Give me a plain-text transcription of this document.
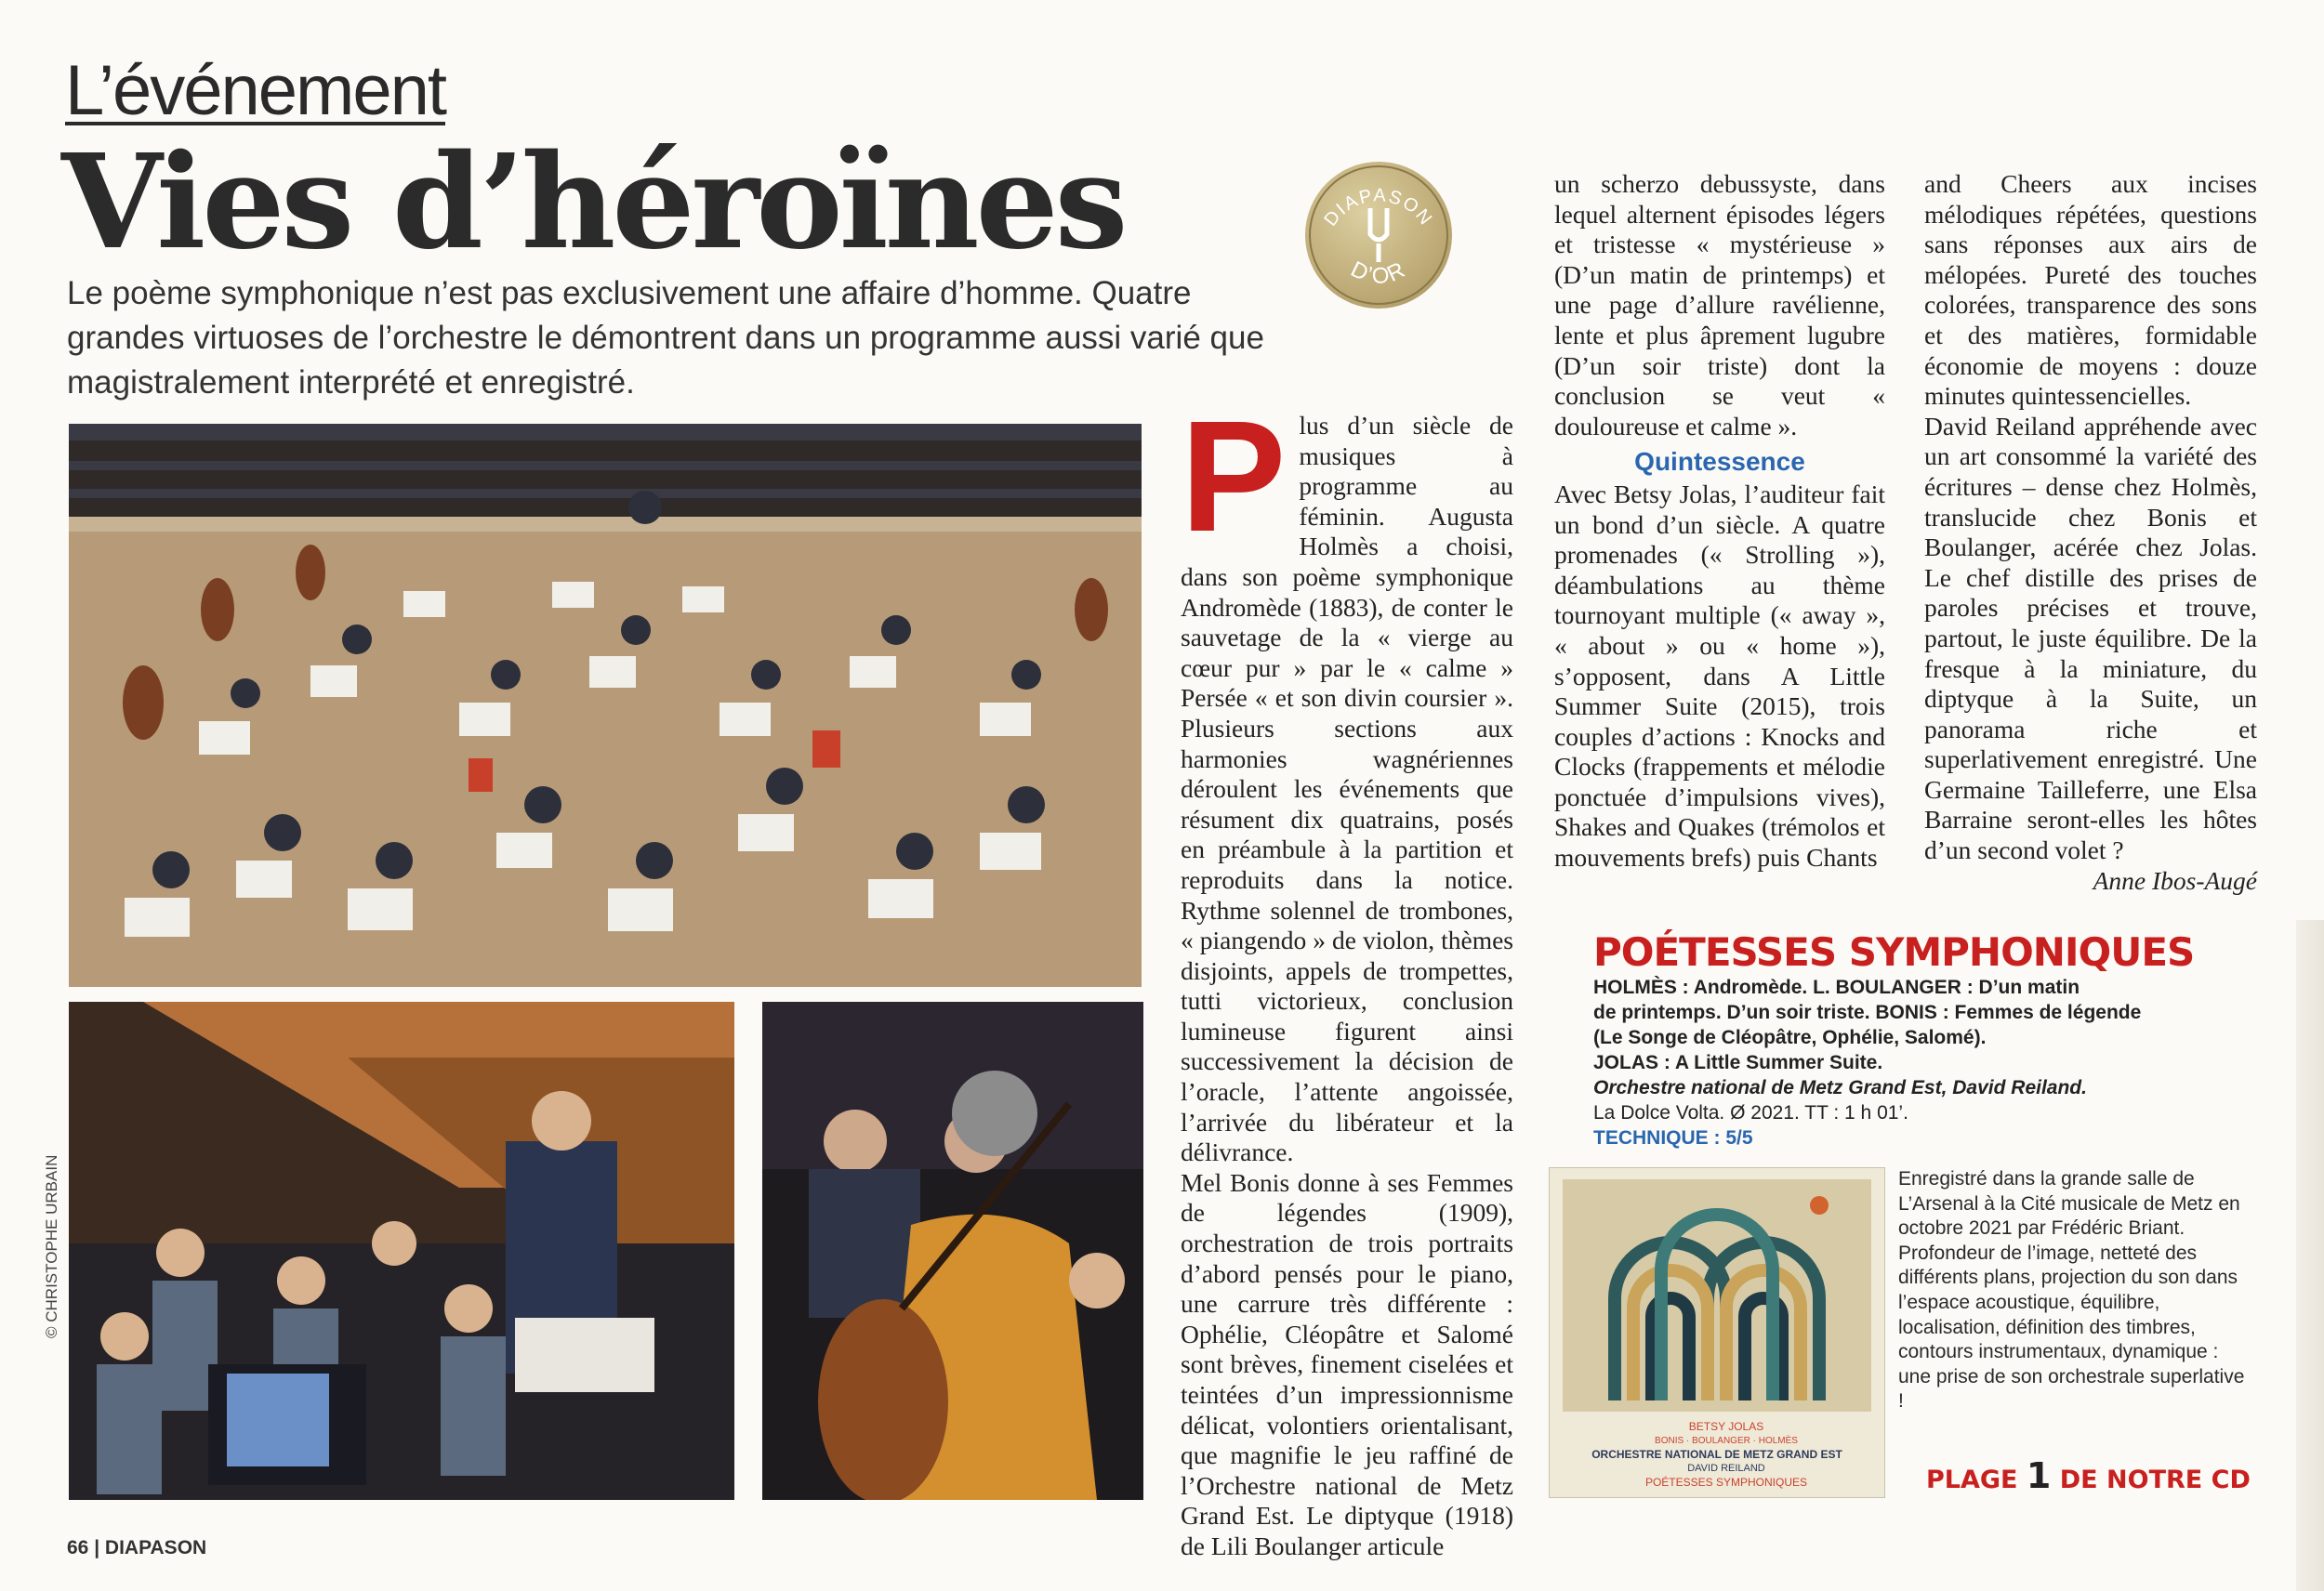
L’événement
Vies d’héroïnes
Le poème symphonique n’est pas exclusivement une affaire d’homme. Quatre grandes virtuoses de l’orchestre le démontrent dans un programme aussi varié que magistralement interprété et enregistré.
DIAPASON
D’OR
© CHRISTOPHE URBAIN
P lus d’un siècle de musiques à programme au féminin. Augusta Holmès a choisi, dans son poème symphonique Andromède (1883), de conter le sauvetage de la « vierge au cœur pur » par le « calme » Persée « et son divin coursier ». Plusieurs sections aux harmonies wagnériennes déroulent les événements que résument dix quatrains, posés en préambule à la partition et reproduits dans la notice. Rythme solennel de trombones, « piangendo » de violon, thèmes disjoints, appels de trompettes, tutti victorieux, conclusion lumineuse figurent ainsi successivement la décision de l’oracle, l’attente angoissée, l’arrivée du libérateur et la délivrance.

Mel Bonis donne à ses Femmes de légendes (1909), orchestration de trois portraits d’abord pensés pour le piano, une carrure très différente : Ophélie, Cléopâtre et Salomé sont brèves, finement ciselées et teintées d’un impressionnisme délicat, volontiers orientalisant, que magnifie le jeu raffiné de l’Orchestre national de Metz Grand Est. Le diptyque (1918) de Lili Boulanger articule

un scherzo debussyste, dans lequel alternent épisodes légers et tristesse « mystérieuse » (D’un matin de printemps) et une page d’allure ravélienne, lente et plus âprement lugubre (D’un soir triste) dont la conclusion se veut « douloureuse et calme ».

Quintessence

Avec Betsy Jolas, l’auditeur fait un bond d’un siècle. A quatre promenades (« Strolling »), déambulations au thème tournoyant multiple (« away », « about » ou « home »), s’opposent, dans A Little Summer Suite (2015), trois couples d’actions : Knocks and Clocks (frappements et mélodie ponctuée d’impulsions vives), Shakes and Quakes (trémolos et mouvements brefs) puis Chants

and Cheers aux incises mélodiques répétées, questions sans réponses aux airs de mélopées. Pureté des touches colorées, transparence des sons et des matières, formidable économie de moyens : douze minutes quintessencielles.

David Reiland appréhende avec un art consommé la variété des écritures – dense chez Holmès, translucide chez Bonis et Boulanger, acérée chez Jolas. Le chef distille des prises de paroles précises et trouve, partout, le juste équilibre. De la fresque à la miniature, du diptyque à la Suite, un panorama riche et superlativement enregistré. Une Germaine Tailleferre, une Elsa Barraine seront-elles les hôtes d’un second volet ?

Anne Ibos-Augé

POÉTESSES SYMPHONIQUES
HOLMÈS : Andromède. L. BOULANGER : D’un matin
de printemps. D’un soir triste. BONIS : Femmes de légende
(Le Songe de Cléopâtre, Ophélie, Salomé).
JOLAS : A Little Summer Suite.
Orchestre national de Metz Grand Est, David Reiland.
La Dolce Volta. Ø 2021. TT : 1 h 01’.
TECHNIQUE : 5/5
BETSY JOLAS
BONIS · BOULANGER · HOLMÈS
ORCHESTRE NATIONAL DE METZ GRAND EST
DAVID REILAND
POÉTESSES SYMPHONIQUES
Enregistré dans la grande salle de L’Arsenal à la Cité musicale de Metz en octobre 2021 par Frédéric Briant. Profondeur de l’image, netteté des différents plans, projection du son dans l’espace acoustique, équilibre, localisation, définition des timbres, contours instrumentaux, dynamique : une prise de son orchestrale superlative !
PLAGE 1 DE NOTRE CD
66 | DIAPASON
